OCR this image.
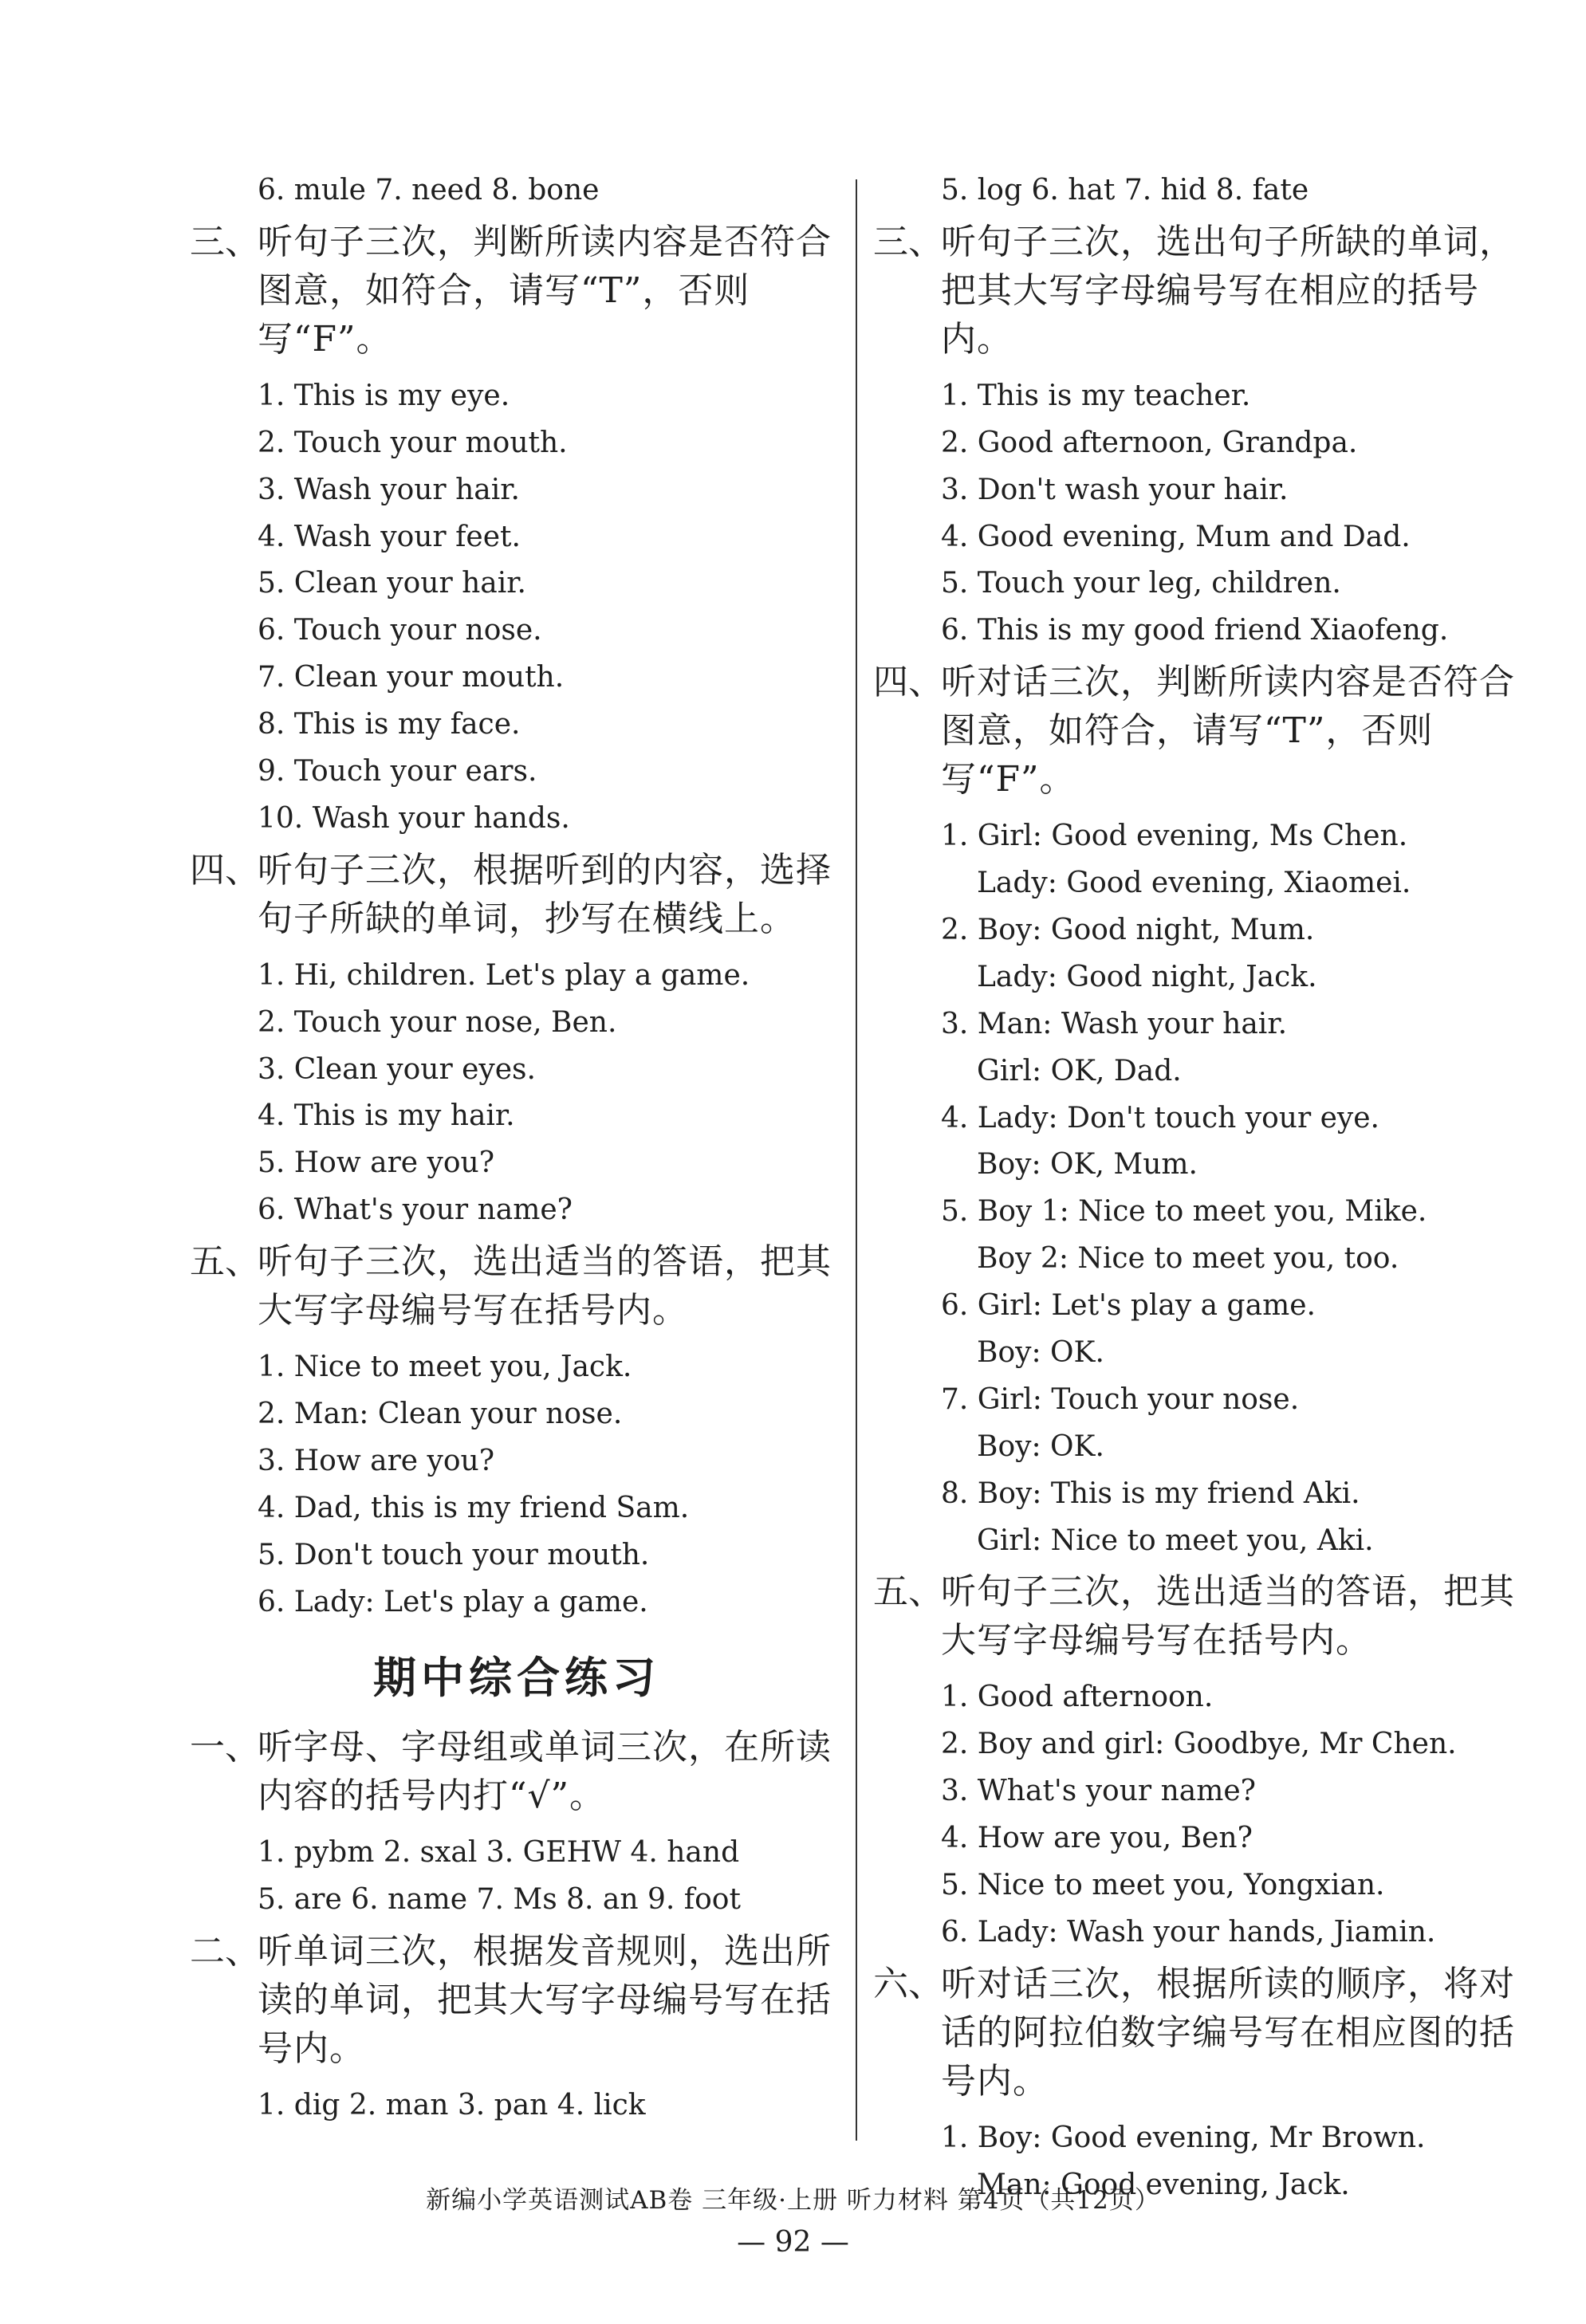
6. mule 7. need 8. bone
三、
听句子三次，判断所读内容是否符合图意，如符合，请写“T”，否则写“F”。
1. This is my eye.
2. Touch your mouth.
3. Wash your hair.
4. Wash your feet.
5. Clean your hair.
6. Touch your nose.
7. Clean your mouth.
8. This is my face.
9. Touch your ears.
10. Wash your hands.
四、
听句子三次，根据听到的内容，选择句子所缺的单词，抄写在横线上。
1. Hi, children. Let's play a game.
2. Touch your nose, Ben.
3. Clean your eyes.
4. This is my hair.
5. How are you?
6. What's your name?
五、
听句子三次，选出适当的答语，把其大写字母编号写在括号内。
1. Nice to meet you, Jack.
2. Man: Clean your nose.
3. How are you?
4. Dad, this is my friend Sam.
5. Don't touch your mouth.
6. Lady: Let's play a game.
期中综合练习
一、
听字母、字母组或单词三次，在所读内容的括号内打“√”。
1. pybm 2. sxal 3. GEHW 4. hand
5. are 6. name 7. Ms 8. an 9. foot
二、
听单词三次，根据发音规则，选出所读的单词，把其大写字母编号写在括号内。
1. dig 2. man 3. pan 4. lick
5. log 6. hat 7. hid 8. fate
三、
听句子三次，选出句子所缺的单词，把其大写字母编号写在相应的括号内。
1. This is my teacher.
2. Good afternoon, Grandpa.
3. Don't wash your hair.
4. Good evening, Mum and Dad.
5. Touch your leg, children.
6. This is my good friend Xiaofeng.
四、
听对话三次，判断所读内容是否符合图意，如符合，请写“T”，否则写“F”。
1. Girl: Good evening, Ms Chen.
Lady: Good evening, Xiaomei.
2. Boy: Good night, Mum.
Lady: Good night, Jack.
3. Man: Wash your hair.
Girl: OK, Dad.
4. Lady: Don't touch your eye.
Boy: OK, Mum.
5. Boy 1: Nice to meet you, Mike.
Boy 2: Nice to meet you, too.
6. Girl: Let's play a game.
Boy: OK.
7. Girl: Touch your nose.
Boy: OK.
8. Boy: This is my friend Aki.
Girl: Nice to meet you, Aki.
五、
听句子三次，选出适当的答语，把其大写字母编号写在括号内。
1. Good afternoon.
2. Boy and girl: Goodbye, Mr Chen.
3. What's your name?
4. How are you, Ben?
5. Nice to meet you, Yongxian.
6. Lady: Wash your hands, Jiamin.
六、
听对话三次，根据所读的顺序，将对话的阿拉伯数字编号写在相应图的括号内。
1. Boy: Good evening, Mr Brown.
Man: Good evening, Jack.
新编小学英语测试AB卷 三年级·上册 听力材料 第4页（共12页）
— 92 —
